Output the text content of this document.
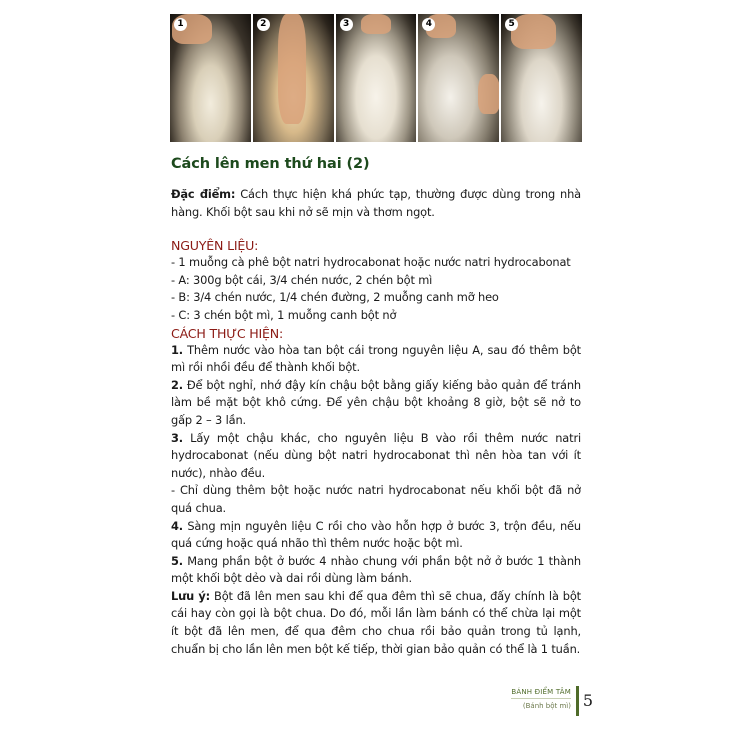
1	2	3	4	5
Cách lên men thứ hai (2)

Đặc điểm: Cách thực hiện khá phức tạp, thường được dùng trong nhà hàng. Khối bột sau khi nở sẽ mịn và thơm ngọt.

NGUYÊN LIỆU:

- 1 muỗng cà phê bột natri hydrocabonat hoặc nước natri hydrocabonat

- A: 300g bột cái, 3/4 chén nước, 2 chén bột mì

- B: 3/4 chén nước, 1/4 chén đường, 2 muỗng canh mỡ heo

- C: 3 chén bột mì, 1 muỗng canh bột nở

CÁCH THỰC HIỆN:

1. Thêm nước vào hòa tan bột cái trong nguyên liệu A, sau đó thêm bột mì rồi nhồi đều để thành khối bột.

2. Để bột nghỉ, nhớ đậy kín chậu bột bằng giấy kiếng bảo quản để tránh làm bề mặt bột khô cứng. Để yên chậu bột khoảng 8 giờ, bột sẽ nở to gấp 2 – 3 lần.

3. Lấy một chậu khác, cho nguyên liệu B vào rồi thêm nước natri hydrocabonat (nếu dùng bột natri hydrocabonat thì nên hòa tan với ít nước), nhào đều.

- Chỉ dùng thêm bột hoặc nước natri hydrocabonat nếu khối bột đã nở quá chua.

4. Sàng mịn nguyên liệu C rồi cho vào hỗn hợp ở bước 3, trộn đều, nếu quá cứng hoặc quá nhão thì thêm nước hoặc bột mì.

5. Mang phần bột ở bước 4 nhào chung với phần bột nở ở bước 1 thành một khối bột dẻo và dai rồi dùng làm bánh.

Lưu ý: Bột đã lên men sau khi để qua đêm thì sẽ chua, đấy chính là bột cái hay còn gọi là bột chua. Do đó, mỗi lần làm bánh có thể chừa lại một ít bột đã lên men, để qua đêm cho chua rồi bảo quản trong tủ lạnh, chuẩn bị cho lần lên men bột kế tiếp, thời gian bảo quản có thể là 1 tuần.

BÁNH ĐIỂM TÂM
(Bánh bột mì) 5
